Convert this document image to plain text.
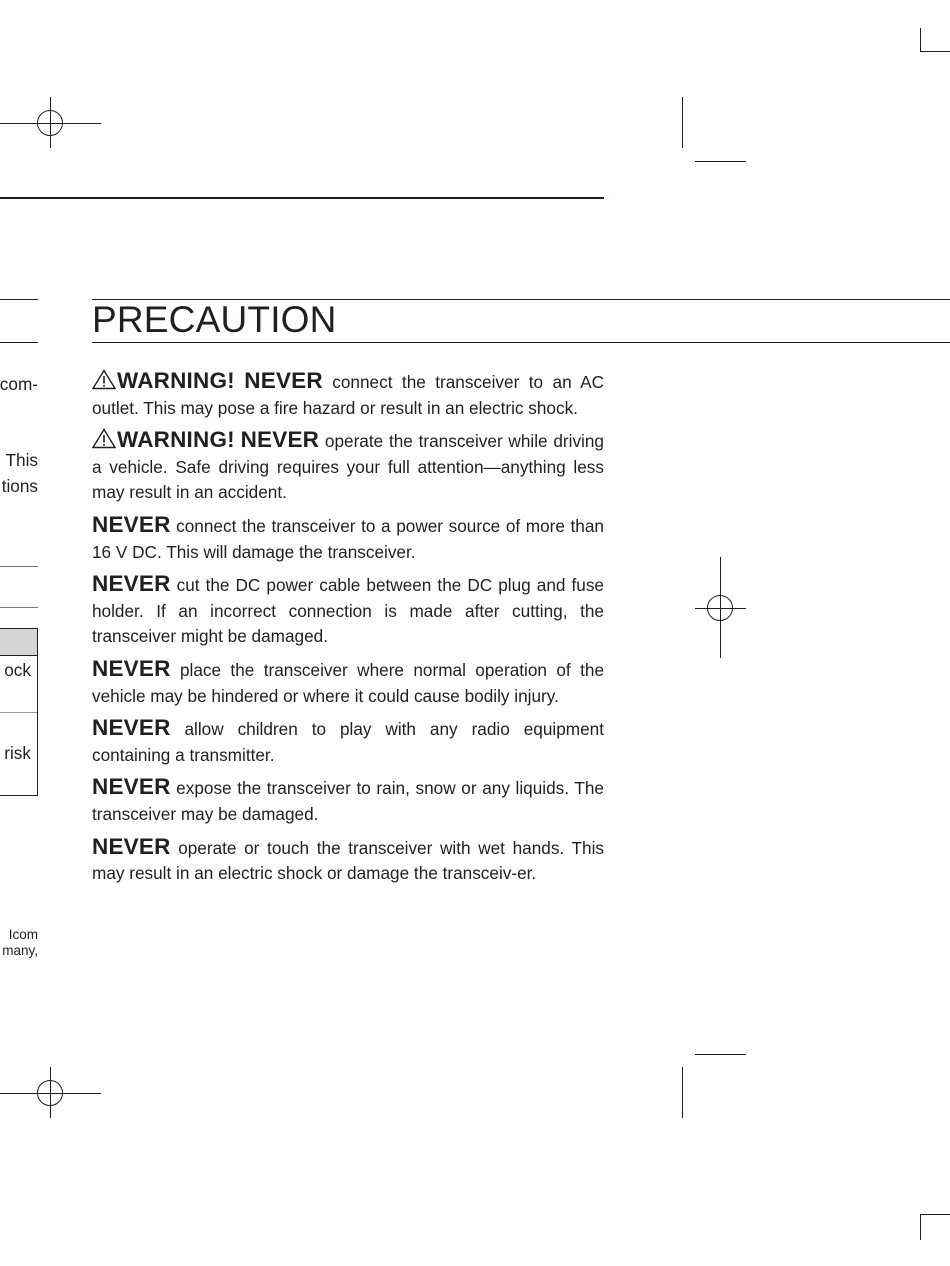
com-
This
tions
ock
risk
Icom
many,
PRECAUTION

WARNING! NEVER connect the transceiver to an AC outlet. This may pose a fire hazard or result in an electric shock.

WARNING! NEVER operate the transceiver while driving a vehicle. Safe driving requires your full attention—anything less may result in an accident.

NEVER connect the transceiver to a power source of more than 16 V DC. This will damage the transceiver.

NEVER cut the DC power cable between the DC plug and fuse holder. If an incorrect connection is made after cutting, the transceiver might be damaged.

NEVER place the transceiver where normal operation of the vehicle may be hindered or where it could cause bodily injury.

NEVER allow children to play with any radio equipment containing a transmitter.

NEVER expose the transceiver to rain, snow or any liquids. The transceiver may be damaged.

NEVER operate or touch the transceiver with wet hands. This may result in an electric shock or damage the transceiv-er.
